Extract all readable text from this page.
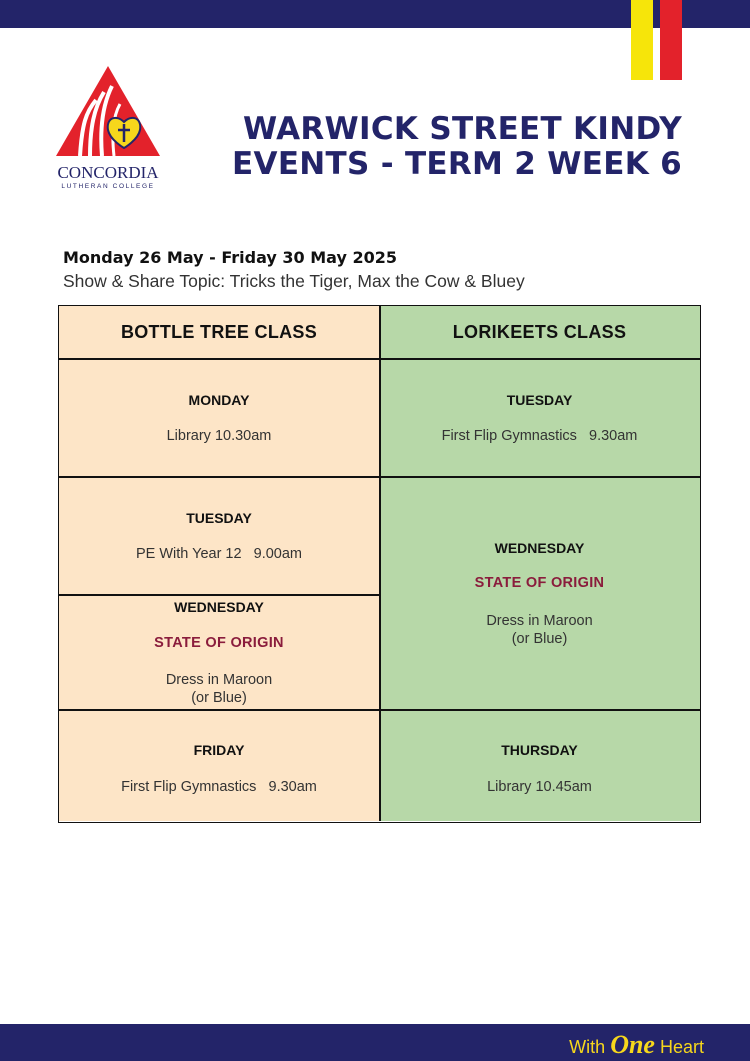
CONCORDIA
LUTHERAN COLLEGE
WARWICK STREET KINDY
EVENTS - TERM 2 WEEK 6
Monday 26 May - Friday 30 May 2025
Show & Share Topic: Tricks the Tiger, Max the Cow & Bluey
BOTTLE TREE CLASS	LORIKEETS CLASS
MONDAY
Library 10.30am
TUESDAY
First Flip Gymnastics   9.30am
TUESDAY
PE With Year 12   9.00am	WEDNESDAY
STATE OF ORIGIN
Dress in Maroon
(or Blue)
WEDNESDAY
STATE OF ORIGIN
Dress in Maroon
(or Blue)
FRIDAY
First Flip Gymnastics   9.30am
THURSDAY
Library 10.45am
With One Heart
